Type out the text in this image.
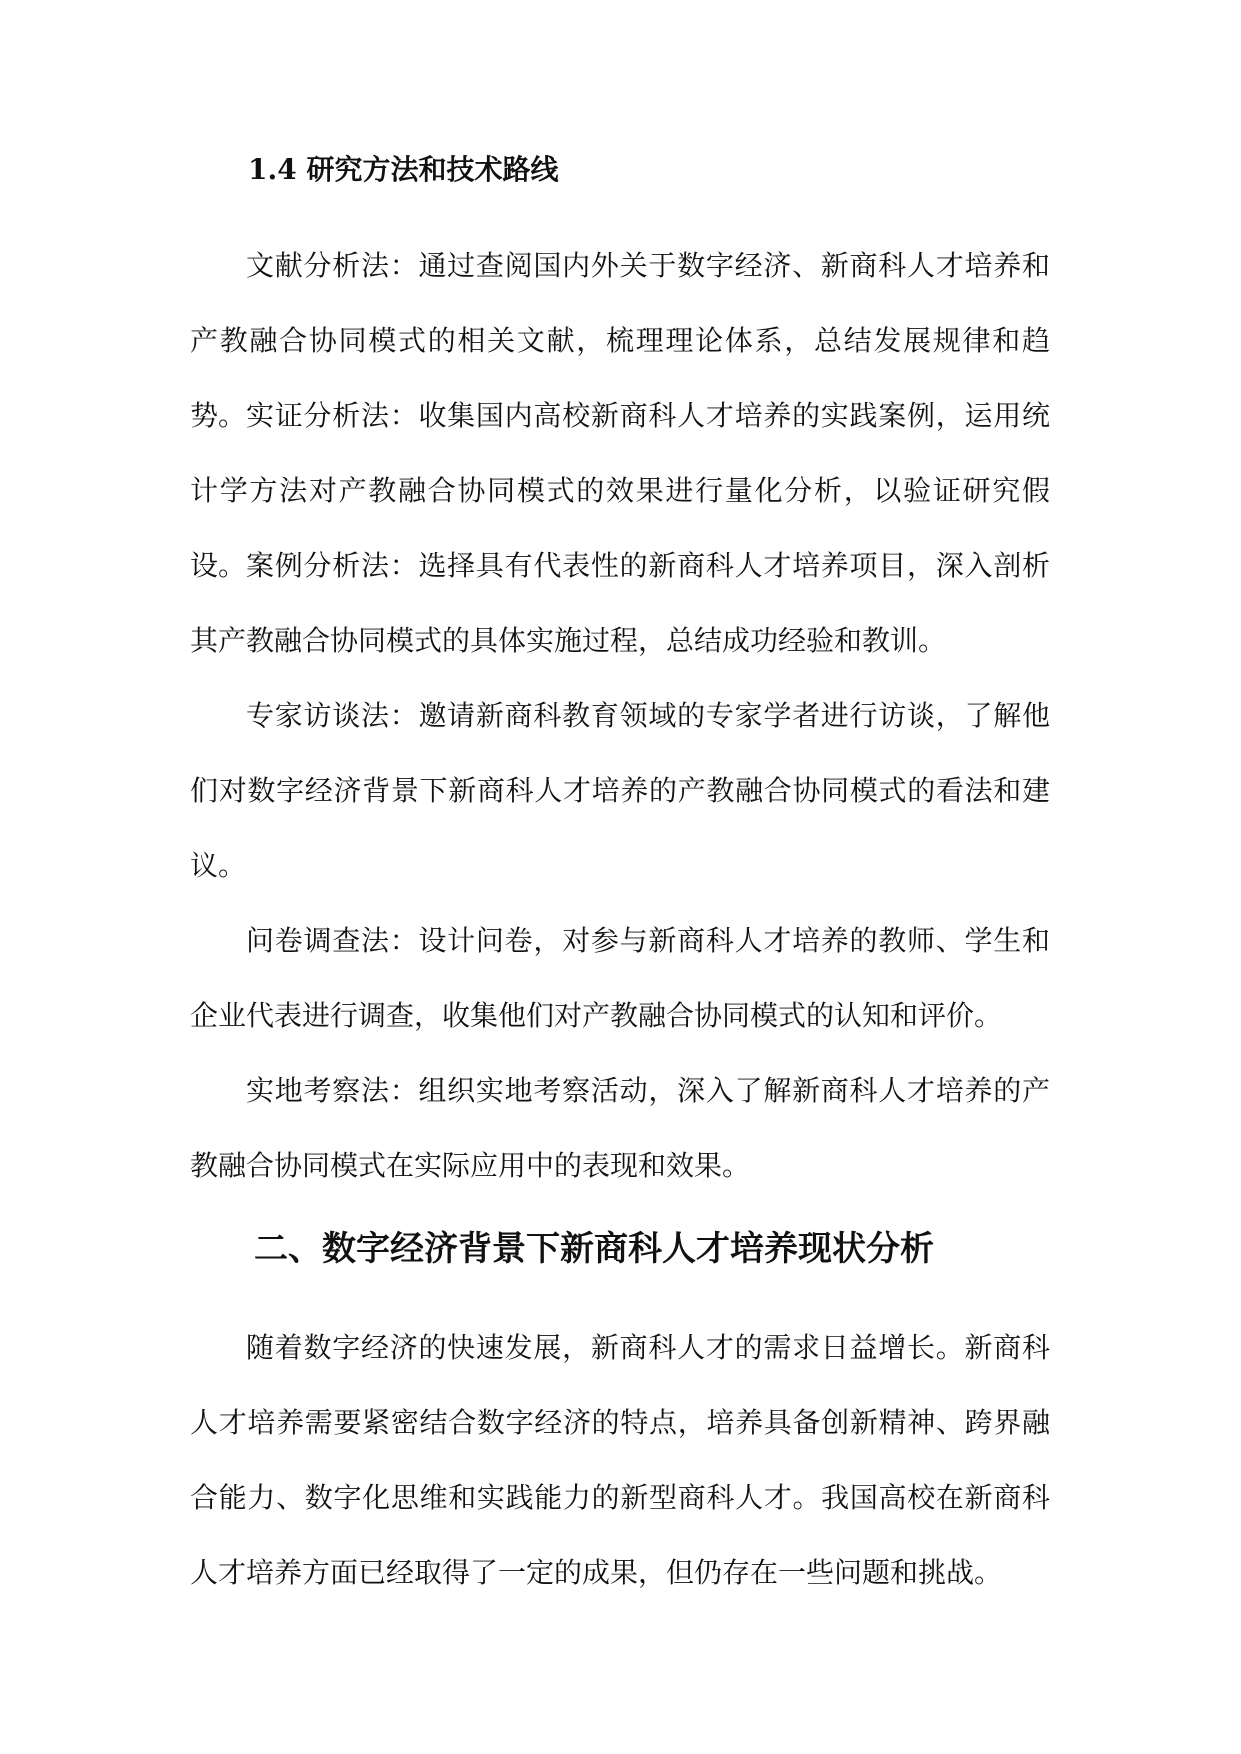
1.4 研究方法和技术路线

文献分析法：通过查阅国内外关于数字经济、新商科人才培养和产教融合协同模式的相关文献，梳理理论体系，总结发展规律和趋势。 实证分析法：收集国内高校新商科人才培养的实践案例，运用统计学方法对产教融合协同模式的效果进行量化分析，以验证研究假设。 案例分析法：选择具有代表性的新商科人才培养项目，深入剖析其产教融合协同模式的具体实施过程，总结成功经验和教训。

专家访谈法：邀请新商科教育领域的专家学者进行访谈，了解他们对数字经济背景下新商科人才培养的产教融合协同模式的看法和建议。

问卷调查法：设计问卷，对参与新商科人才培养的教师、学生和企业代表进行调查，收集他们对产教融合协同模式的认知和评价。

实地考察法：组织实地考察活动，深入了解新商科人才培养的产教融合协同模式在实际应用中的表现和效果。

二、数字经济背景下新商科人才培养现状分析

随着数字经济的快速发展，新商科人才的需求日益增长。新商科人才培养需要紧密结合数字经济的特点，培养具备创新精神、跨界融合能力、数字化思维和实践能力的新型商科人才。我国高校在新商科人才培养方面已经取得了一定的成果，但仍存在一些问题和挑战。
